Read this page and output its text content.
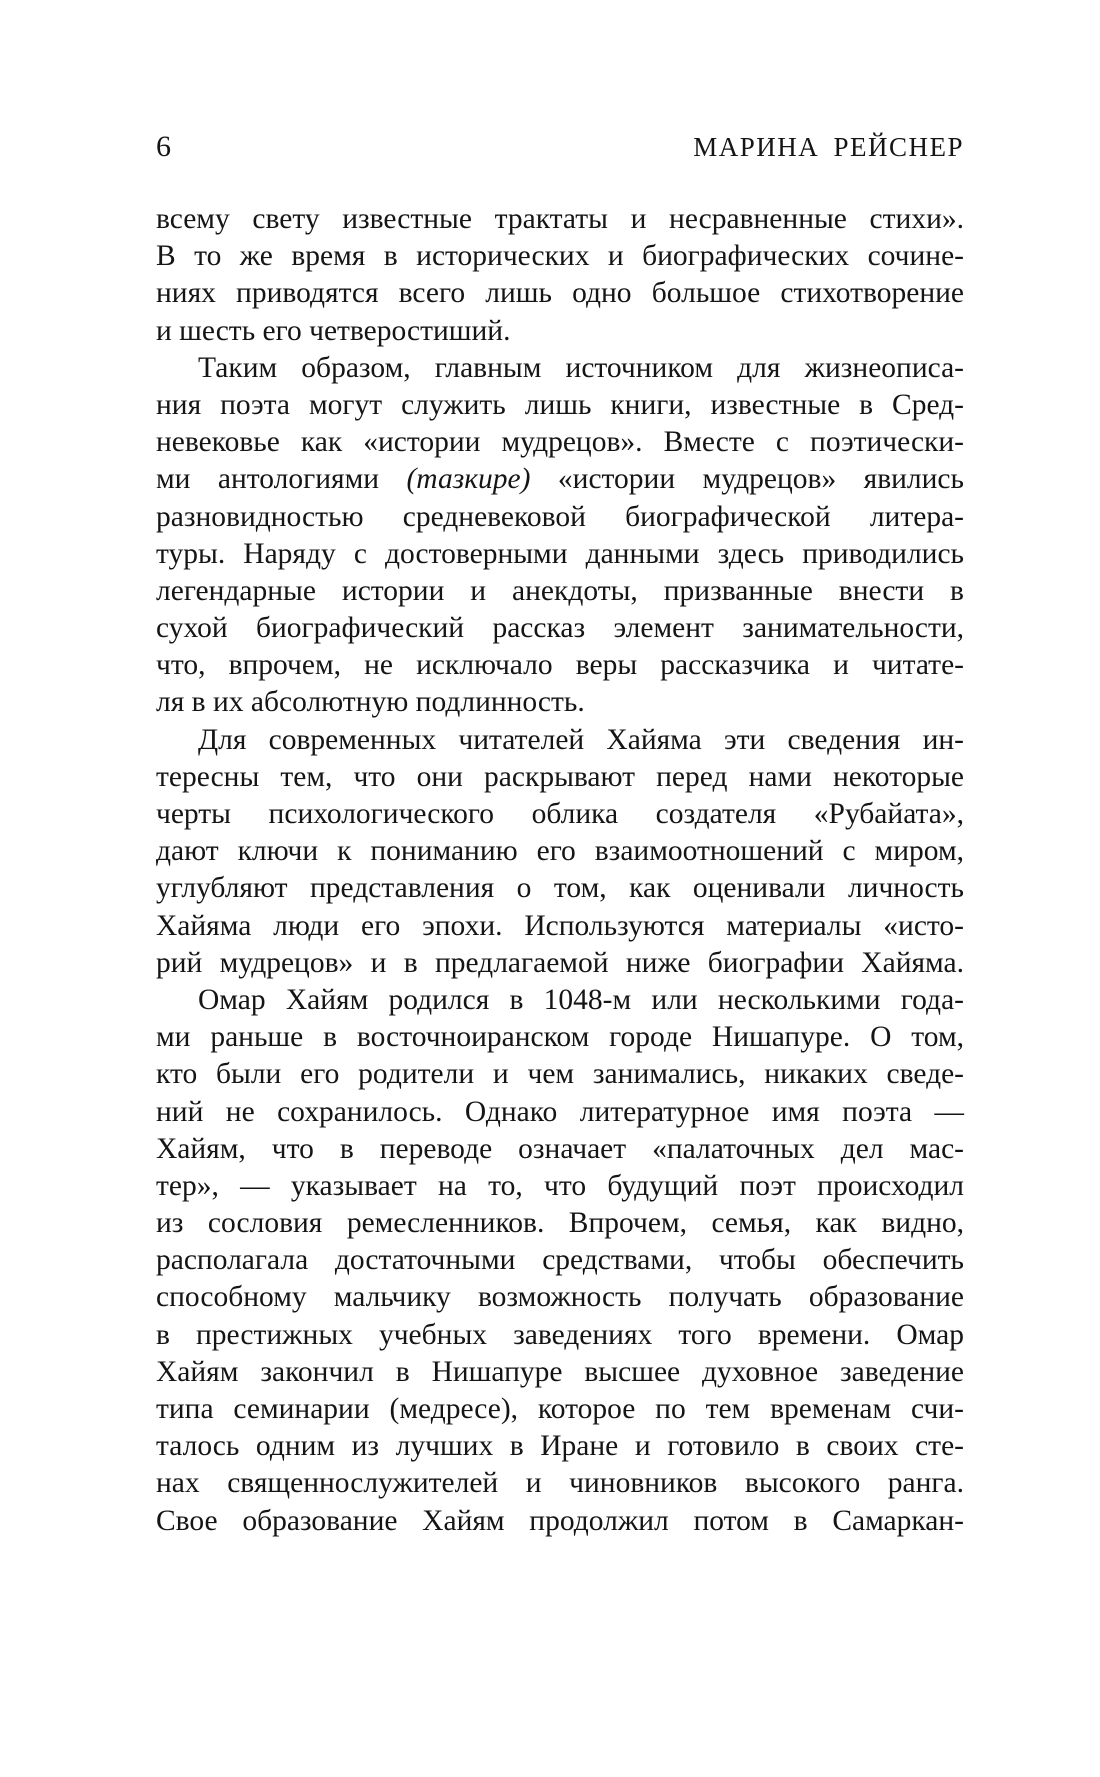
6	МАРИНА РЕЙСНЕР
всему свету известные трактаты и несравненные стихи».
В то же время в исторических и биографических сочине-
ниях приводятся всего лишь одно большое стихотворение
и шесть его четверостиший.
Таким образом, главным источником для жизнеописа-
ния поэта могут служить лишь книги, известные в Сред-
невековье как «истории мудрецов». Вместе с поэтически-
ми антологиями (тазкире) «истории мудрецов» явились
разновидностью средневековой биографической литера-
туры. Наряду с достоверными данными здесь приводились
легендарные истории и анекдоты, призванные внести в
сухой биографический рассказ элемент занимательности,
что, впрочем, не исключало веры рассказчика и читате-
ля в их абсолютную подлинность.
Для современных читателей Хайяма эти сведения ин-
тересны тем, что они раскрывают перед нами некоторые
черты психологического облика создателя «Рубайата»,
дают ключи к пониманию его взаимоотношений с миром,
углубляют представления о том, как оценивали личность
Хайяма люди его эпохи. Используются материалы «исто-
рий мудрецов» и в предлагаемой ниже биографии Хайяма.
Омар Хайям родился в 1048-м или несколькими года-
ми раньше в восточноиранском городе Нишапуре. О том,
кто были его родители и чем занимались, никаких сведе-
ний не сохранилось. Однако литературное имя поэта —
Хайям, что в переводе означает «палаточных дел мас-
тер», — указывает на то, что будущий поэт происходил
из сословия ремесленников. Впрочем, семья, как видно,
располагала достаточными средствами, чтобы обеспечить
способному мальчику возможность получать образование
в престижных учебных заведениях того времени. Омар
Хайям закончил в Нишапуре высшее духовное заведение
типа семинарии (медресе), которое по тем временам счи-
талось одним из лучших в Иране и готовило в своих сте-
нах священнослужителей и чиновников высокого ранга.
Свое образование Хайям продолжил потом в Самаркан-
